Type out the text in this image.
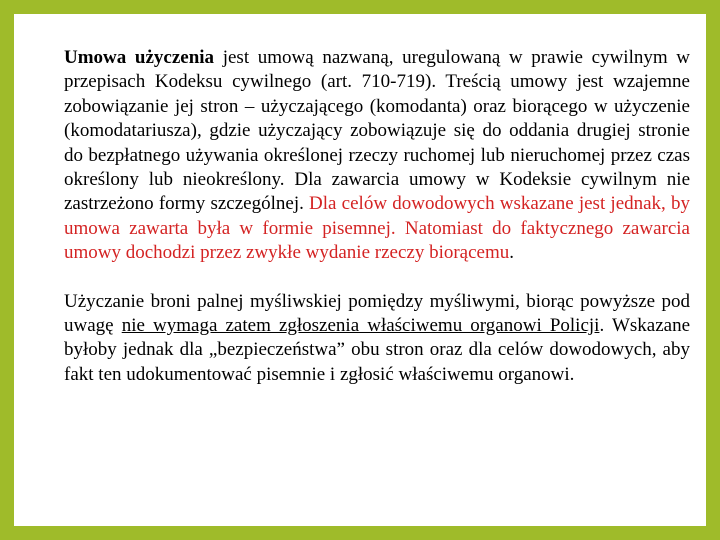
Umowa użyczenia jest umową nazwaną, uregulowaną w prawie cywilnym w przepisach Kodeksu cywilnego (art. 710-719). Treścią umowy jest wzajemne zobowiązanie jej stron – użyczającego (komodanta) oraz biorącego w użyczenie (komodatariusza), gdzie użyczający zobowiązuje się do oddania drugiej stronie do bezpłatnego używania określonej rzeczy ruchomej lub nieruchomej przez czas określony lub nieokreślony. Dla zawarcia umowy w Kodeksie cywilnym nie zastrzeżono formy szczególnej. Dla celów dowodowych wskazane jest jednak, by umowa zawarta była w formie pisemnej. Natomiast do faktycznego zawarcia umowy dochodzi przez zwykłe wydanie rzeczy biorącemu.

Użyczanie broni palnej myśliwskiej pomiędzy myśliwymi, biorąc powyższe pod uwagę nie wymaga zatem zgłoszenia właściwemu organowi Policji. Wskazane byłoby jednak dla „bezpieczeństwa” obu stron oraz dla celów dowodowych, aby fakt ten udokumentować pisemnie i zgłosić właściwemu organowi.
